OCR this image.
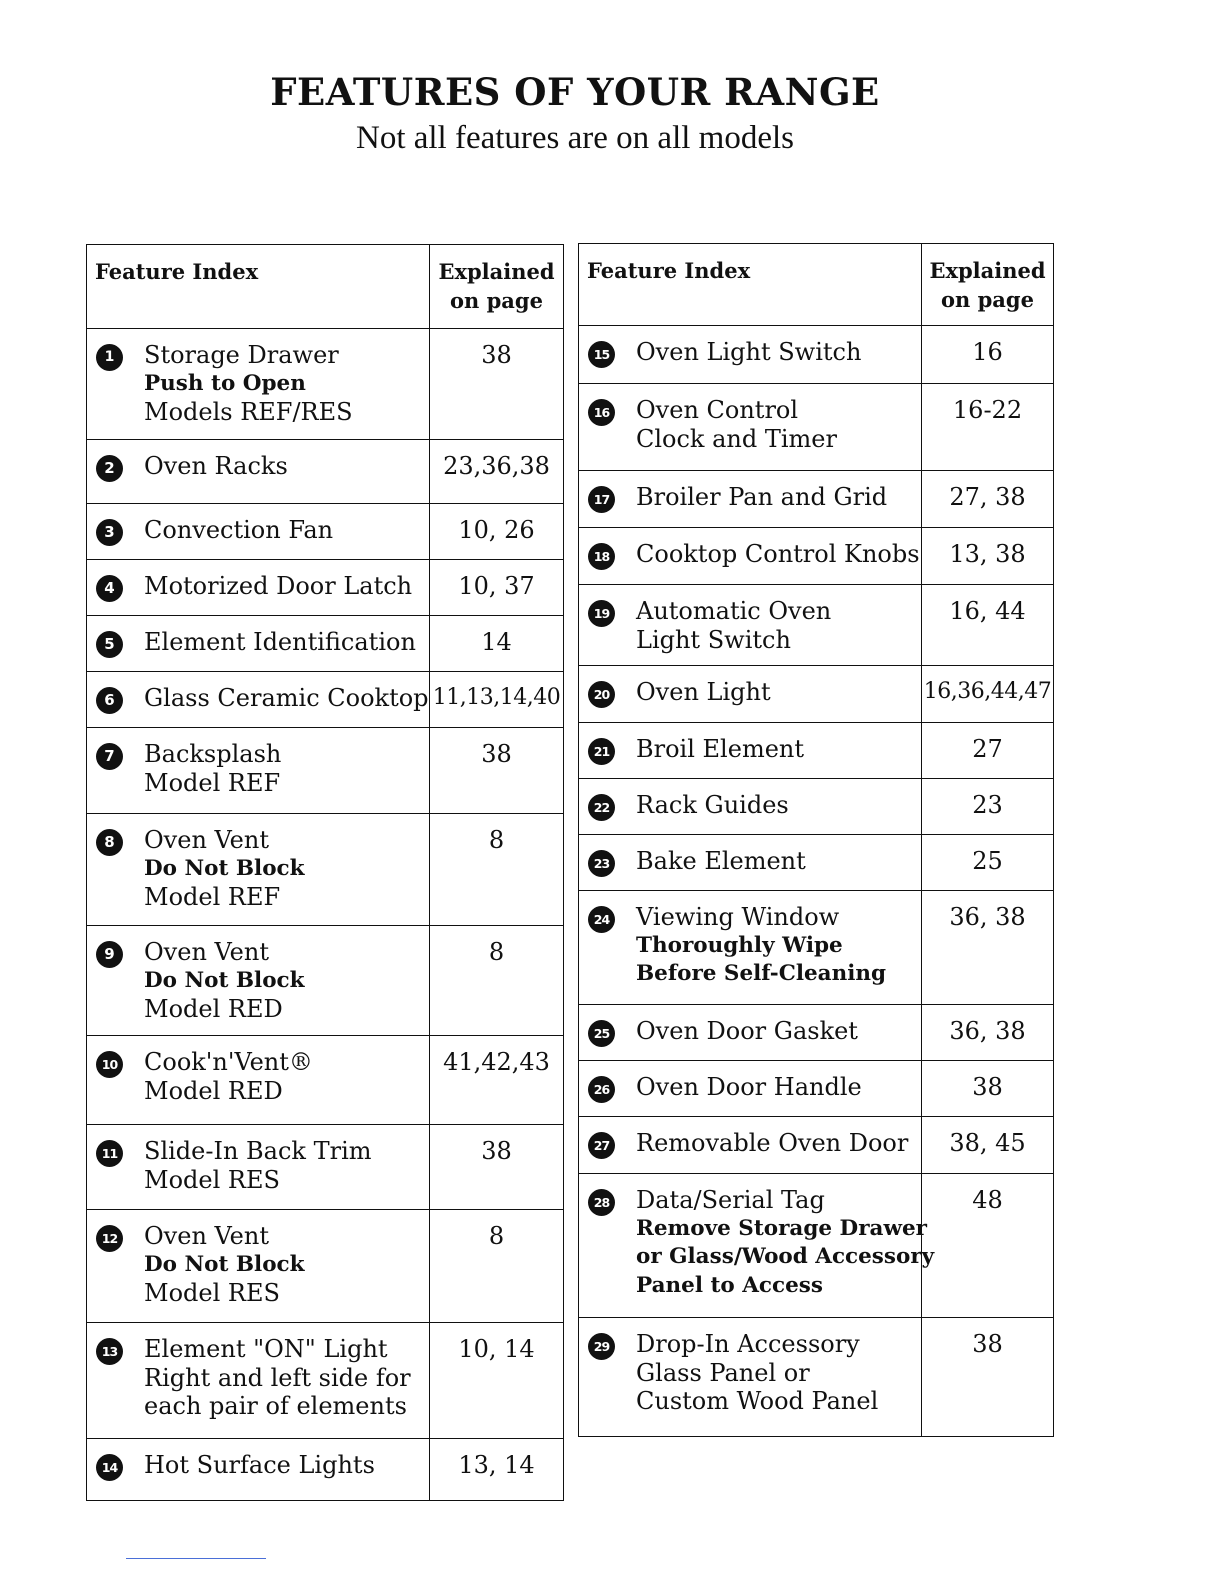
FEATURES OF YOUR RANGE

Not all features are on all models

Feature Index	Explained
on page

1 Storage Drawer
Push to Open
Models REF/RES	38

2 Oven Racks	23,36,38

3 Convection Fan	10, 26

4 Motorized Door Latch	10, 37

5 Element Identification	14

6 Glass Ceramic Cooktop	11,13,14,40

7 Backsplash
Model REF	38

8 Oven Vent
Do Not Block
Model REF	8

9 Oven Vent
Do Not Block
Model RED	8

10 Cook'n'Vent®
Model RED	41,42,43

11 Slide-In Back Trim
Model RES	38

12 Oven Vent
Do Not Block
Model RES	8

13 Element "ON" Light
Right and left side for
each pair of elements	10, 14

14 Hot Surface Lights	13, 14
Feature Index	Explained
on page

15 Oven Light Switch	16

16 Oven Control
Clock and Timer	16-22

17 Broiler Pan and Grid	27, 38

18 Cooktop Control Knobs	13, 38

19 Automatic Oven
Light Switch	16, 44

20 Oven Light	16,36,44,47

21 Broil Element	27

22 Rack Guides	23

23 Bake Element	25

24 Viewing Window
Thoroughly Wipe
Before Self-Cleaning	36, 38

25 Oven Door Gasket	36, 38

26 Oven Door Handle	38

27 Removable Oven Door	38, 45

28 Data/Serial Tag
Remove Storage Drawer
or Glass/Wood Accessory
Panel to Access	48

29 Drop-In Accessory
Glass Panel or
Custom Wood Panel	38
